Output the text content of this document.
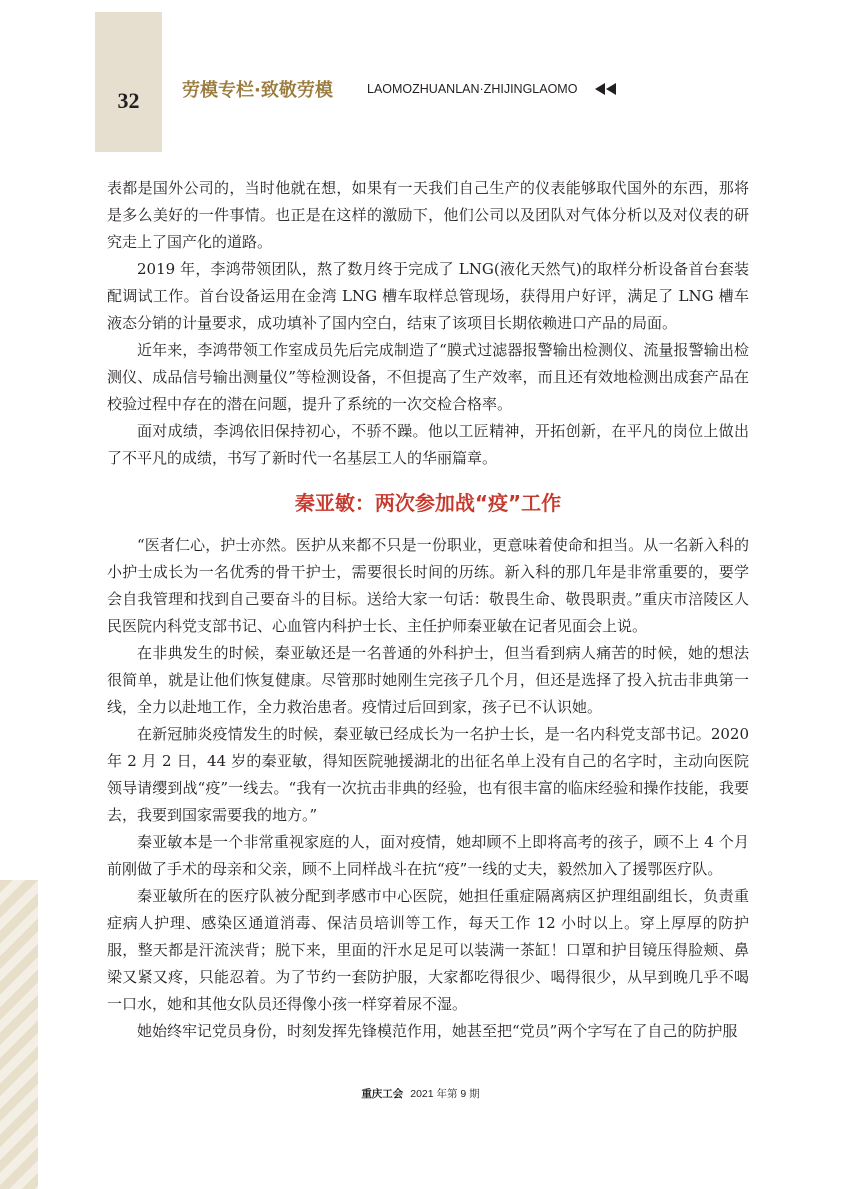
32	劳模专栏·致敬劳模	LAOMOZHUANLAN·ZHIJINGLAOMO

表都是国外公司的，当时他就在想，如果有一天我们自己生产的仪表能够取代国外的东西，那将是多么美好的一件事情。也正是在这样的激励下，他们公司以及团队对气体分析以及对仪表的研究走上了国产化的道路。

2019 年，李鸿带领团队，熬了数月终于完成了 LNG(液化天然气)的取样分析设备首台套装配调试工作。首台设备运用在金湾 LNG 槽车取样总管现场，获得用户好评，满足了 LNG 槽车液态分销的计量要求，成功填补了国内空白，结束了该项目长期依赖进口产品的局面。

近年来，李鸿带领工作室成员先后完成制造了“膜式过滤器报警输出检测仪、流量报警输出检测仪、成品信号输出测量仪”等检测设备，不但提高了生产效率，而且还有效地检测出成套产品在校验过程中存在的潜在问题，提升了系统的一次交检合格率。

面对成绩，李鸿依旧保持初心，不骄不躁。他以工匠精神，开拓创新，在平凡的岗位上做出了不平凡的成绩，书写了新时代一名基层工人的华丽篇章。

秦亚敏：两次参加战“疫”工作

“医者仁心，护士亦然。医护从来都不只是一份职业，更意味着使命和担当。从一名新入科的小护士成长为一名优秀的骨干护士，需要很长时间的历练。新入科的那几年是非常重要的，要学会自我管理和找到自己要奋斗的目标。送给大家一句话：敬畏生命、敬畏职责。”重庆市涪陵区人民医院内科党支部书记、心血管内科护士长、主任护师秦亚敏在记者见面会上说。

在非典发生的时候，秦亚敏还是一名普通的外科护士，但当看到病人痛苦的时候，她的想法很简单，就是让他们恢复健康。尽管那时她刚生完孩子几个月，但还是选择了投入抗击非典第一线，全力以赴地工作，全力救治患者。疫情过后回到家，孩子已不认识她。

在新冠肺炎疫情发生的时候，秦亚敏已经成长为一名护士长，是一名内科党支部书记。2020 年 2 月 2 日，44 岁的秦亚敏，得知医院驰援湖北的出征名单上没有自己的名字时，主动向医院领导请缨到战“疫”一线去。“我有一次抗击非典的经验，也有很丰富的临床经验和操作技能，我要去，我要到国家需要我的地方。”

秦亚敏本是一个非常重视家庭的人，面对疫情，她却顾不上即将高考的孩子，顾不上 4 个月前刚做了手术的母亲和父亲，顾不上同样战斗在抗“疫”一线的丈夫，毅然加入了援鄂医疗队。

秦亚敏所在的医疗队被分配到孝感市中心医院，她担任重症隔离病区护理组副组长，负责重症病人护理、感染区通道消毒、保洁员培训等工作，每天工作 12 小时以上。穿上厚厚的防护服，整天都是汗流浃背；脱下来，里面的汗水足足可以装满一茶缸！口罩和护目镜压得脸颊、鼻梁又紧又疼，只能忍着。为了节约一套防护服，大家都吃得很少、喝得很少，从早到晚几乎不喝一口水，她和其他女队员还得像小孩一样穿着尿不湿。

她始终牢记党员身份，时刻发挥先锋模范作用，她甚至把“党员”两个字写在了自己的防护服

重庆工会 2021 年第 9 期
